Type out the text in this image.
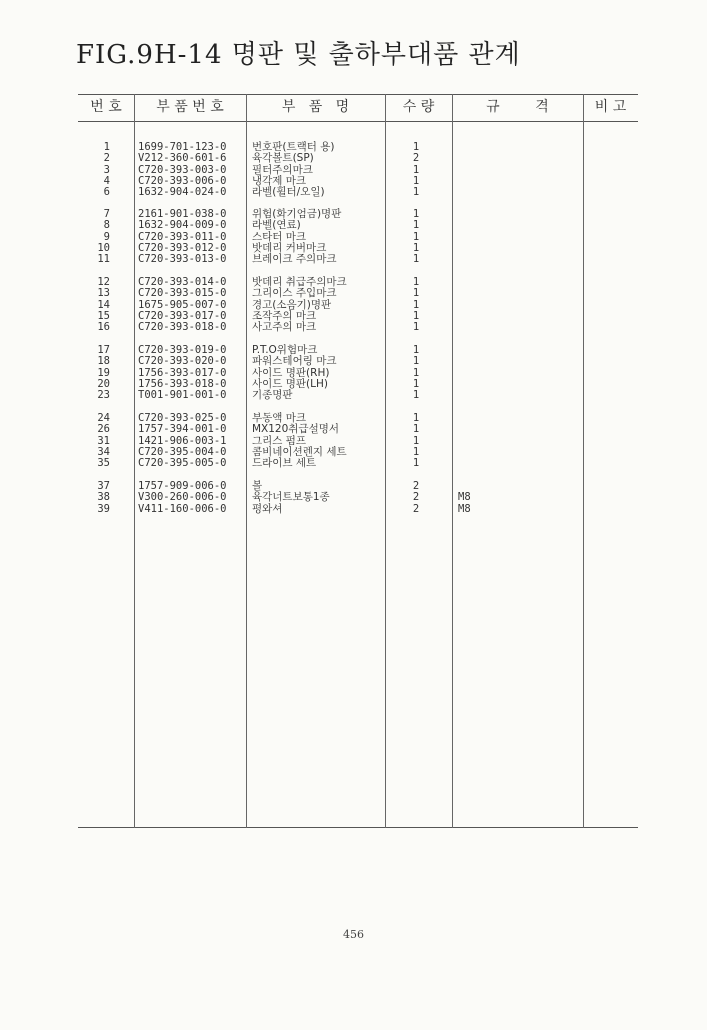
FIG.9H-14 명판 및 출하부대품 관계
번 호	부 품 번 호	부   품   명	수 량	규        격	비 고
1	1699-701-123-0 번호판(트랙터 용)	1
2	V212-360-601-6 육각볼트(SP)	2
3	C720-393-003-0 필터주의마크	1
4	C720-393-006-0 냉각제 마크	1
6	1632-904-024-0 라벨(휠터/오일)	1
7	2161-901-038-0 위험(화기엄금)명판	1
8	1632-904-009-0 라벨(연료)	1
9	C720-393-011-0 스타터 마크	1
10	C720-393-012-0 밧데리 커버마크	1
11	C720-393-013-0 브레이크 주의마크	1
12	C720-393-014-0 밧데리 취급주의마크	1
13	C720-393-015-0 그리이스 주입마크	1
14	1675-905-007-0 경고(소음기)명판	1
15	C720-393-017-0 조작주의 마크	1
16	C720-393-018-0 사고주의 마크	1
17	C720-393-019-0 P.T.O위험마크	1
18	C720-393-020-0 파워스테어링 마크	1
19	1756-393-017-0 사이드 명판(RH)	1
20	1756-393-018-0 사이드 명판(LH)	1
23	T001-901-001-0 기종명판	1
24	C720-393-025-0 부동액 마크	1
26	1757-394-001-0 MX120취급설명서	1
31	1421-906-003-1 그리스 펌프	1
34	C720-395-004-0 콤비네이션렌지 세트	1
35	C720-395-005-0 드라이브 세트	1
37	1757-909-006-0 볼	2
38	V300-260-006-0 육각너트보통1종	2	M8
39	V411-160-006-0 평와셔	2	M8
456
